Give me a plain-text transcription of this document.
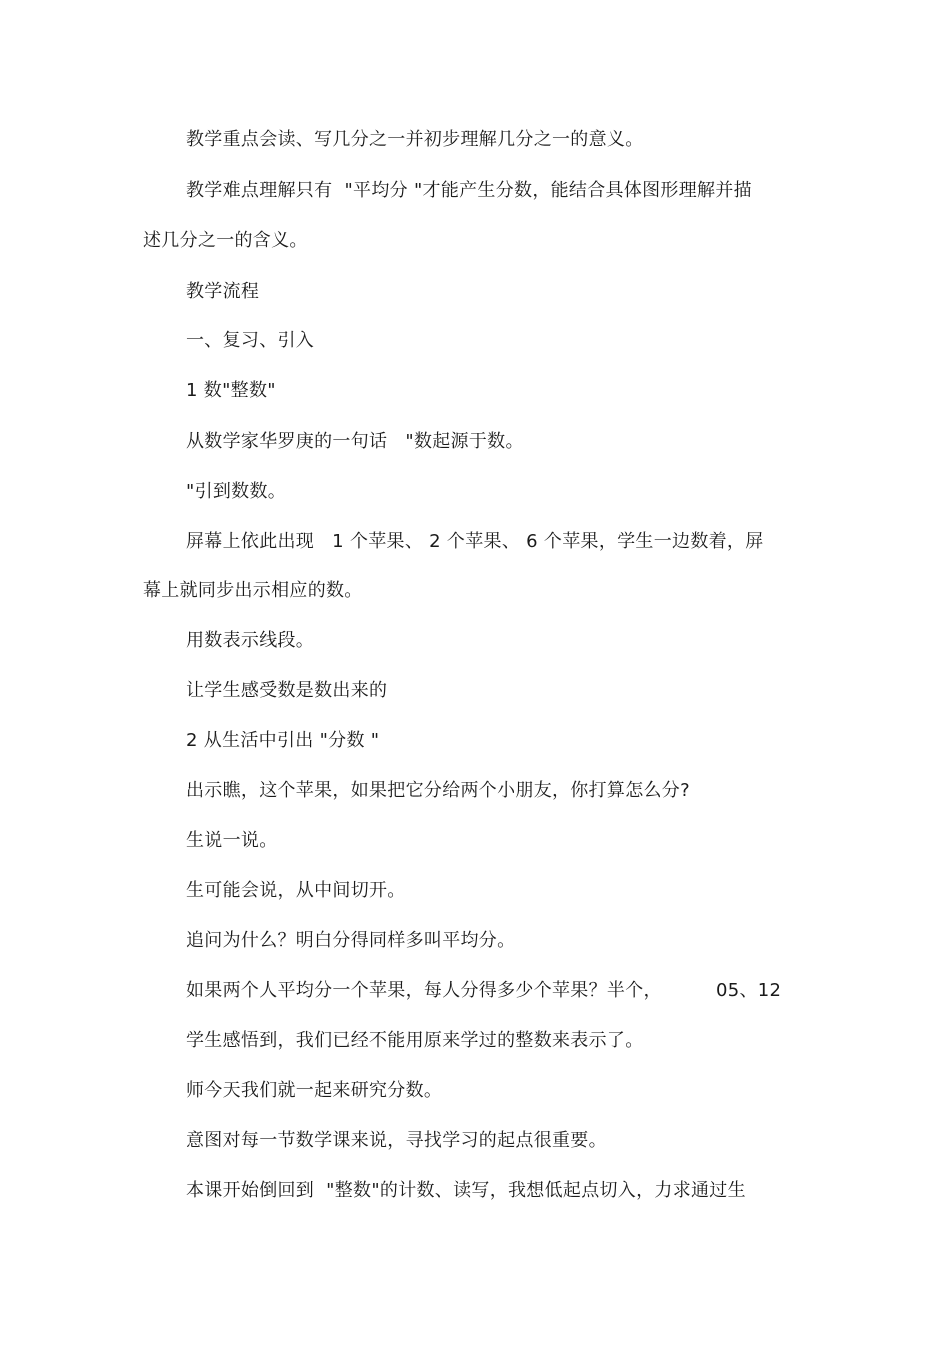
教学重点会读、写几分之一并初步理解几分之一的意义。
教学难点理解只有  "平均分 "才能产生分数，能结合具体图形理解并描
述几分之一的含义。
教学流程
一、复习、引入
1 数"整数"
从数学家华罗庚的一句话   "数起源于数。
"引到数数。
屏幕上依此出现   1 个苹果、 2 个苹果、 6 个苹果，学生一边数着，屏
幕上就同步出示相应的数。
用数表示线段。
让学生感受数是数出来的
2 从生活中引出 "分数 "
出示瞧，这个苹果，如果把它分给两个小朋友，你打算怎么分?
生说一说。
生可能会说，从中间切开。
追问为什么？明白分得同样多叫平均分。
如果两个人平均分一个苹果，每人分得多少个苹果？半个，         05、12
学生感悟到，我们已经不能用原来学过的整数来表示了。
师今天我们就一起来研究分数。
意图对每一节数学课来说，寻找学习的起点很重要。
本课开始倒回到  "整数"的计数、读写，我想低起点切入，力求通过生
